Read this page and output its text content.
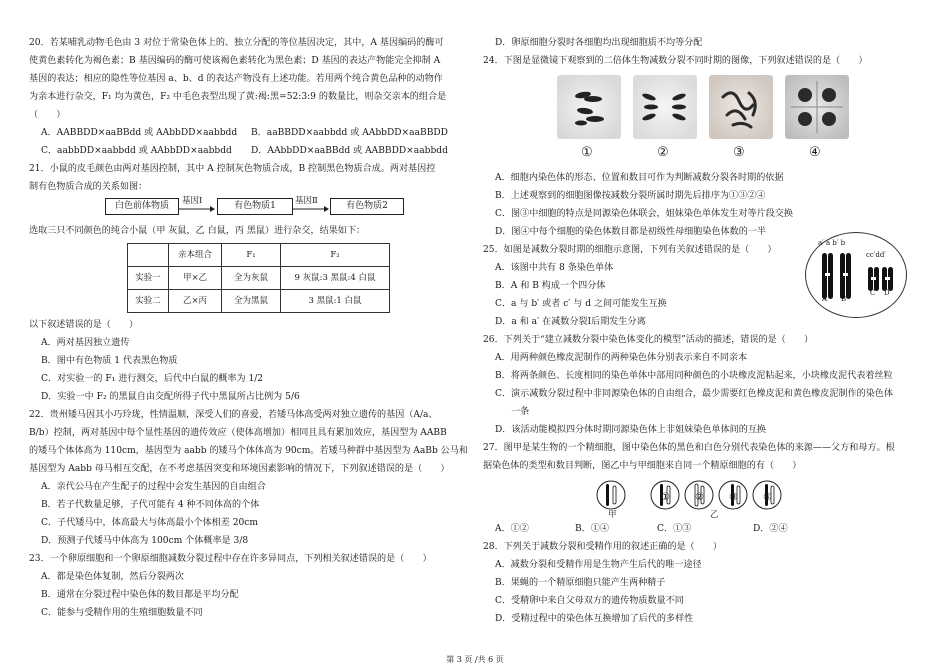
20．若某哺乳动物毛色由 3 对位于常染色体上的、独立分配的等位基因决定，其中，A 基因编码的酶可
使黄色素转化为褐色素；B 基因编码的酶可使该褐色素转化为黑色素；D 基因的表达产物能完全抑制 A
基因的表达；相应的隐性等位基因 a、b、d 的表达产物没有上述功能。若用两个纯合黄色品种的动物作
为亲本进行杂交，F₁ 均为黄色，F₂ 中毛色表型出现了黄:褐:黑=52:3:9 的数量比，则杂交亲本的组合是
（　　）
A．AABBDD×aaBBdd 或 AAbbDD×aabbdd B．aaBBDD×aabbdd 或 AAbbDD×aaBBDD
C．aabbDD×aabbdd 或 AAbbDD×aabbdd D．AAbbDD×aaBBdd 或 AABBDD×aabbdd
21．小鼠的皮毛颜色由两对基因控制，其中 A 控制灰色物质合成，B 控制黑色物质合成。两对基因控
制有色物质合成的关系如图：
白色前体物质	基因Ⅰ	有色物质1	基因Ⅱ	有色物质2
选取三只不同颜色的纯合小鼠（甲 灰鼠，乙 白鼠，丙 黑鼠）进行杂交，结果如下：
	亲本组合	F₁	F₂
实验一	甲×乙	全为灰鼠	9 灰鼠:3 黑鼠:4 白鼠
实验二	乙×丙	全为黑鼠	3 黑鼠:1 白鼠
以下叙述错误的是（　　）
A．两对基因独立遗传
B．图中有色物质 1 代表黑色物质
C．对实验一的 F₁ 进行测交，后代中白鼠的概率为 1/2
D．实验一中 F₂ 的黑鼠自由交配所得子代中黑鼠所占比例为 5/6
22．贵州矮马因其小巧玲珑，性情温顺，深受人们的喜爱，若矮马体高受两对独立遗传的基因（A/a、
B/b）控制，两对基因中每个显性基因的遗传效应（使体高增加）相同且具有累加效应，基因型为 AABB
的矮马个体体高为 110cm，基因型为 aabb 的矮马个体体高为 90cm。若矮马种群中基因型为 AaBb 公马和
基因型为 Aabb 母马相互交配，在不考虑基因突变和环境因素影响的情况下，下列叙述错误的是（　　）
A．亲代公马在产生配子的过程中会发生基因的自由组合
B．若子代数量足够，子代可能有 4 种不同体高的个体
C．子代矮马中，体高最大与体高最小个体相差 20cm
D．预测子代矮马中体高为 100cm 个体概率是 3/8
23．一个卵原细胞和一个卵原细胞减数分裂过程中存在许多异同点，下列相关叙述错误的是（　　）
A．都是染色体复制，然后分裂两次
B．通常在分裂过程中染色体的数目都是平均分配
C．能参与受精作用的生殖细胞数量不同
D．卵原细胞分裂时各细胞均出现细胞质不均等分配
24．下图是显微镜下观察到的二倍体生物减数分裂不同时期的图像，下列叙述错误的是（　　）
①	②	③	④
A．细胞内染色体的形态、位置和数目可作为判断减数分裂各时期的依据
B．上述观察到的细胞图像按减数分裂所属时期先后排序为①③②④
C．图③中细胞的特点是同源染色体联会，姐妹染色单体发生对等片段交换
D．图④中每个细胞的染色体数目都是初级性母细胞染色体数的一半
25．如图是减数分裂时期的细胞示意图，下列有关叙述错误的是（　　）
A．该图中共有 8 条染色单体
B．A 和 B 构成一个四分体
C．a 与 b′ 或者 c′ 与 d 之间可能发生互换
D．a 和 a′ 在减数分裂Ⅰ后期发生分离
a′ a b′ b
cc′dd′
A B
C D
26．下列关于“建立减数分裂中染色体变化的模型”活动的描述，错误的是（　　）
A．用两种颜色橡皮泥制作的两种染色体分别表示来自不同亲本
B．将两条颜色、长度相同的染色单体中部用同种颜色的小块橡皮泥粘起来，小块橡皮泥代表着丝粒
C．演示减数分裂过程中非同源染色体的自由组合，最少需要红色橡皮泥和黄色橡皮泥制作的染色体
一条
D．该活动能模拟四分体时期同源染色体上非姐妹染色单体间的互换
27．图甲是某生物的一个精细胞，图中染色体的黑色和白色分别代表染色体的来源——父方和母方。根
据染色体的类型和数目判断，图乙中与甲细胞来自同一个精原细胞的有（　　）
甲
①	②	③	④
乙
A．①②	B．①④	C．①③	D．②④
28．下列关于减数分裂和受精作用的叙述正确的是（　　）
A．减数分裂和受精作用是生物产生后代的唯一途径
B．果蝇的一个精原细胞只能产生两种精子
C．受精卵中来自父母双方的遗传物质数量不同
D．受精过程中的染色体互换增加了后代的多样性
第 3 页 /共 6 页
